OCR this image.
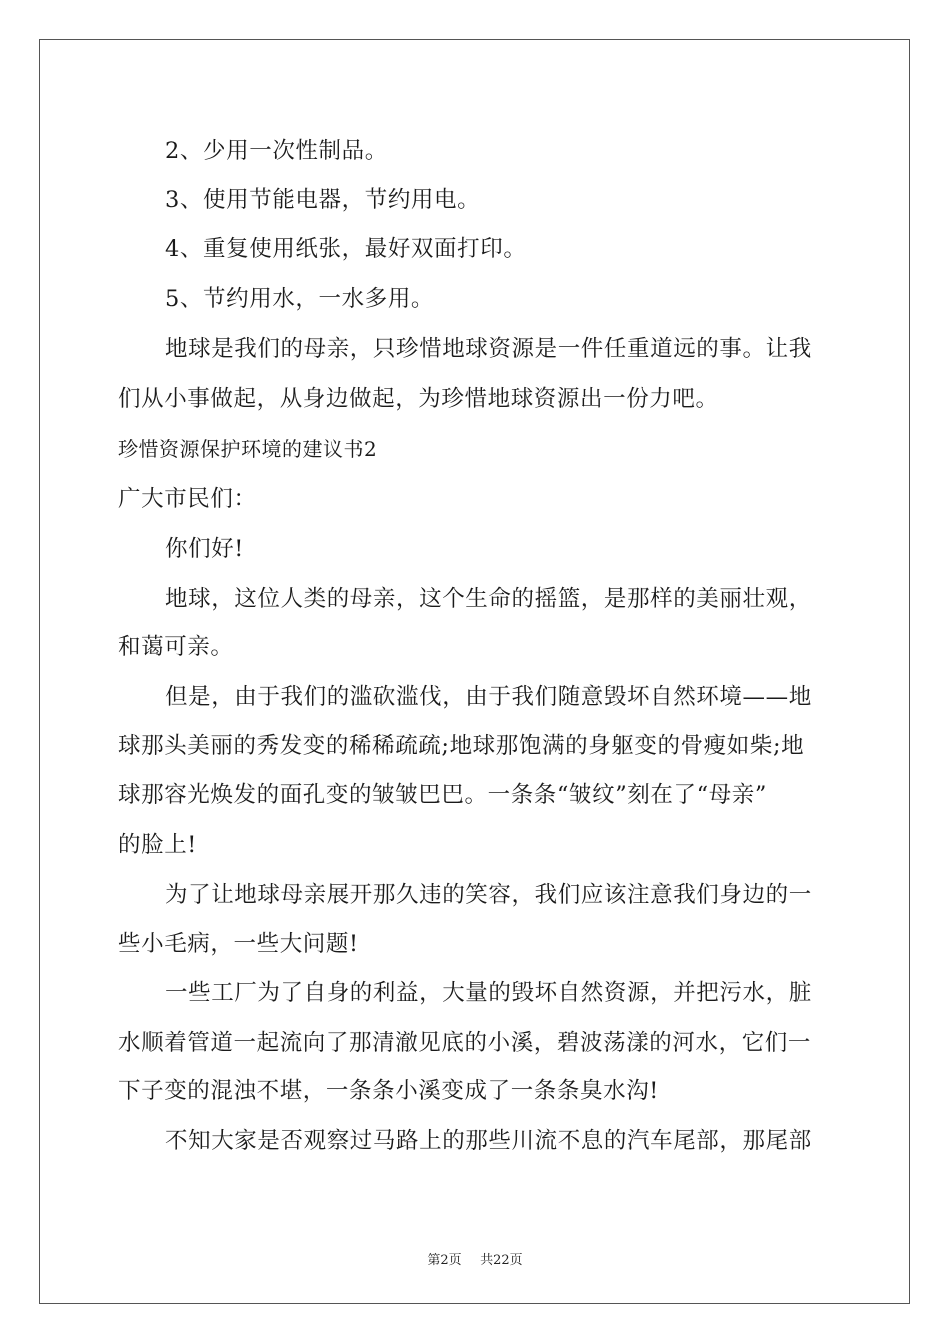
2、少用一次性制品。
3、使用节能电器，节约用电。
4、重复使用纸张，最好双面打印。
5、节约用水，一水多用。
地球是我们的母亲，只珍惜地球资源是一件任重道远的事。让我
们从小事做起，从身边做起，为珍惜地球资源出一份力吧。
珍惜资源保护环境的建议书2
广大市民们：
你们好!
地球，这位人类的母亲，这个生命的摇篮，是那样的美丽壮观，
和蔼可亲。
但是，由于我们的滥砍滥伐，由于我们随意毁坏自然环境——地
球那头美丽的秀发变的稀稀疏疏;地球那饱满的身躯变的骨瘦如柴;地
球那容光焕发的面孔变的皱皱巴巴。一条条“皱纹”刻在了“母亲”
的脸上!
为了让地球母亲展开那久违的笑容，我们应该注意我们身边的一
些小毛病，一些大问题!
一些工厂为了自身的利益，大量的毁坏自然资源，并把污水，脏
水顺着管道一起流向了那清澈见底的小溪，碧波荡漾的河水，它们一
下子变的混浊不堪，一条条小溪变成了一条条臭水沟!
不知大家是否观察过马路上的那些川流不息的汽车尾部，那尾部
第2页 共22页
